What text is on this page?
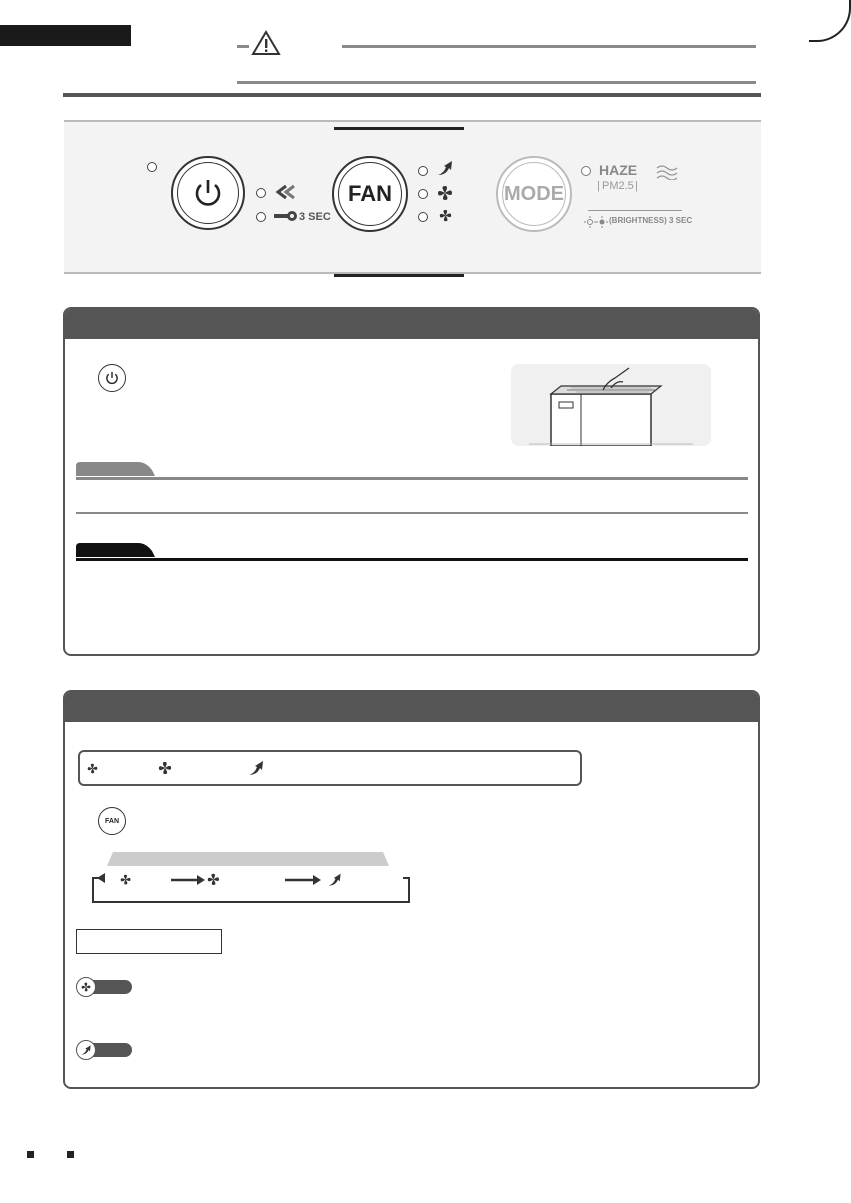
3 SEC
FAN	MODE
HAZE
| PM2.5 |
(BRIGHTNESS) 3 SEC
FAN
